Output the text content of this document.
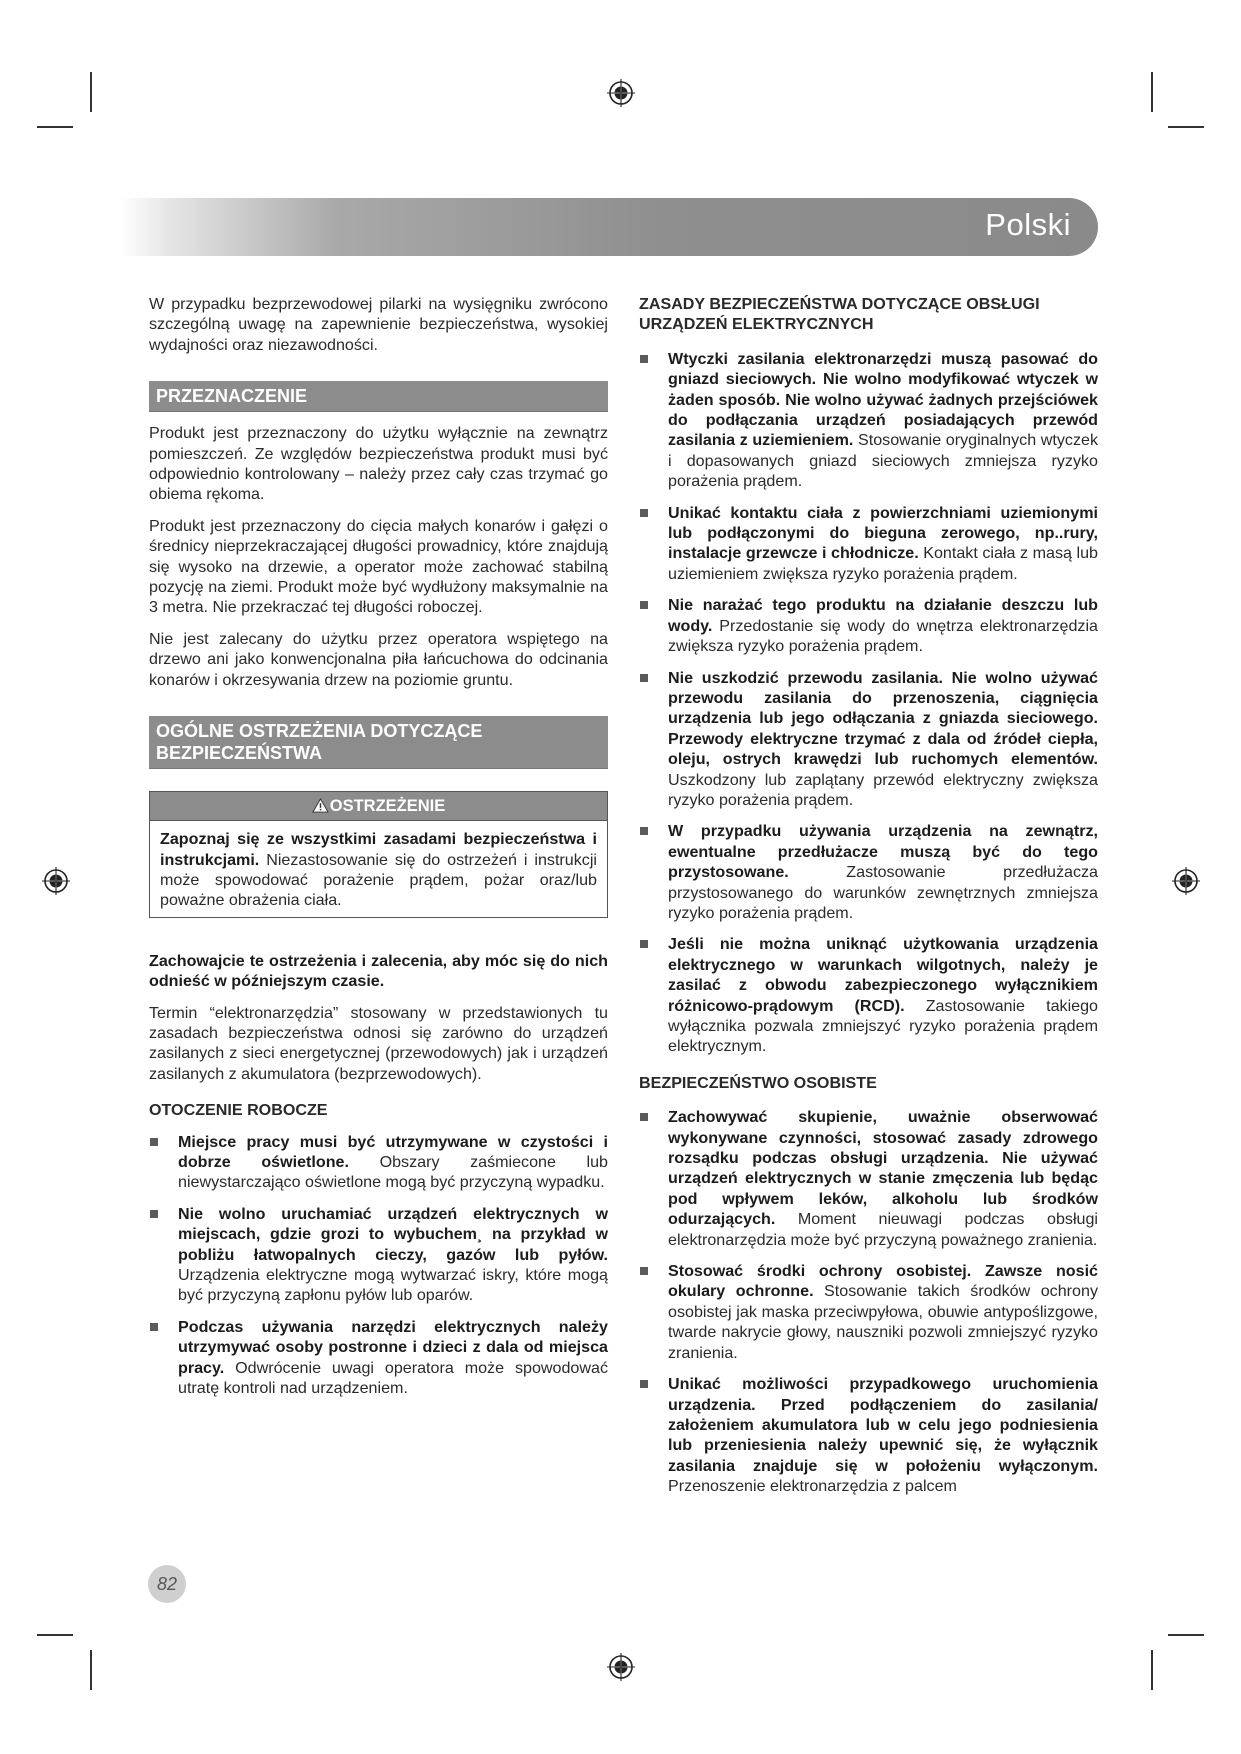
Polski

W przypadku bezprzewodowej pilarki na wysięgniku zwrócono szczególną uwagę na zapewnienie bezpieczeństwa, wysokiej wydajności oraz niezawodności.

PRZEZNACZENIE

Produkt jest przeznaczony do użytku wyłącznie na zewnątrz pomieszczeń. Ze względów bezpieczeństwa produkt musi być odpowiednio kontrolowany – należy przez cały czas trzymać go obiema rękoma.

Produkt jest przeznaczony do cięcia małych konarów i gałęzi o średnicy nieprzekraczającej długości prowadnicy, które znajdują się wysoko na drzewie, a operator może zachować stabilną pozycję na ziemi. Produkt może być wydłużony maksymalnie na 3 metra. Nie przekraczać tej długości roboczej.

Nie jest zalecany do użytku przez operatora wspiętego na drzewo ani jako konwencjonalna piła łańcuchowa do odcinania konarów i okrzesywania drzew na poziomie gruntu.

OGÓLNE OSTRZEŻENIA DOTYCZĄCE BEZPIECZEŃSTWA
OSTRZEŻENIE

Zapoznaj się ze wszystkimi zasadami bezpieczeństwa i instrukcjami. Niezastosowanie się do ostrzeżeń i instrukcji może spowodować porażenie prądem, pożar oraz/lub poważne obrażenia ciała.

Zachowajcie te ostrzeżenia i zalecenia, aby móc się do nich odnieść w późniejszym czasie.

Termin “elektronarzędzia” stosowany w przedstawionych tu zasadach bezpieczeństwa odnosi się zarówno do urządzeń zasilanych z sieci energetycznej (przewodowych) jak i urządzeń zasilanych z akumulatora (bezprzewodowych).

OTOCZENIE ROBOCZE
Miejsce pracy musi być utrzymywane w czystości i dobrze oświetlone. Obszary zaśmiecone lub niewystarczająco oświetlone mogą być przyczyną wypadku.
Nie wolno uruchamiać urządzeń elektrycznych w miejscach, gdzie grozi to wybuchem¸ na przykład w pobliżu łatwopalnych cieczy, gazów lub pyłów. Urządzenia elektryczne mogą wytwarzać iskry, które mogą być przyczyną zapłonu pyłów lub oparów.
Podczas używania narzędzi elektrycznych należy utrzymywać osoby postronne i dzieci z dala od miejsca pracy. Odwrócenie uwagi operatora może spowodować utratę kontroli nad urządzeniem.
ZASADY BEZPIECZEŃSTWA DOTYCZĄCE OBSŁUGI URZĄDZEŃ ELEKTRYCZNYCH
Wtyczki zasilania elektronarzędzi muszą pasować do gniazd sieciowych. Nie wolno modyfikować wtyczek w żaden sposób. Nie wolno używać żadnych przejściówek do podłączania urządzeń posiadających przewód zasilania z uziemieniem. Stosowanie oryginalnych wtyczek i dopasowanych gniazd sieciowych zmniejsza ryzyko porażenia prądem.
Unikać kontaktu ciała z powierzchniami uziemionymi lub podłączonymi do bieguna zerowego, np..rury, instalacje grzewcze i chłodnicze. Kontakt ciała z masą lub uziemieniem zwiększa ryzyko porażenia prądem.
Nie narażać tego produktu na działanie deszczu lub wody. Przedostanie się wody do wnętrza elektronarzędzia zwiększa ryzyko porażenia prądem.
Nie uszkodzić przewodu zasilania. Nie wolno używać przewodu zasilania do przenoszenia, ciągnięcia urządzenia lub jego odłączania z gniazda sieciowego. Przewody elektryczne trzymać z dala od źródeł ciepła, oleju, ostrych krawędzi lub ruchomych elementów. Uszkodzony lub zaplątany przewód elektryczny zwiększa ryzyko porażenia prądem.
W przypadku używania urządzenia na zewnątrz, ewentualne przedłużacze muszą być do tego przystosowane. Zastosowanie przedłużacza przystosowanego do warunków zewnętrznych zmniejsza ryzyko porażenia prądem.
Jeśli nie można uniknąć użytkowania urządzenia elektrycznego w warunkach wilgotnych, należy je zasilać z obwodu zabezpieczonego wyłącznikiem różnicowo-prądowym (RCD). Zastosowanie takiego wyłącznika pozwala zmniejszyć ryzyko porażenia prądem elektrycznym.
BEZPIECZEŃSTWO OSOBISTE
Zachowywać skupienie, uważnie obserwować wykonywane czynności, stosować zasady zdrowego rozsądku podczas obsługi urządzenia. Nie używać urządzeń elektrycznych w stanie zmęczenia lub będąc pod wpływem leków, alkoholu lub środków odurzających. Moment nieuwagi podczas obsługi elektronarzędzia może być przyczyną poważnego zranienia.
Stosować środki ochrony osobistej. Zawsze nosić okulary ochronne. Stosowanie takich środków ochrony osobistej jak maska przeciwpyłowa, obuwie antypoślizgowe, twarde nakrycie głowy, nauszniki pozwoli zmniejszyć ryzyko zranienia.
Unikać możliwości przypadkowego uruchomienia urządzenia. Przed podłączeniem do zasilania/ założeniem akumulatora lub w celu jego podniesienia lub przeniesienia należy upewnić się, że wyłącznik zasilania znajduje się w położeniu wyłączonym. Przenoszenie elektronarzędzia z palcem
82
